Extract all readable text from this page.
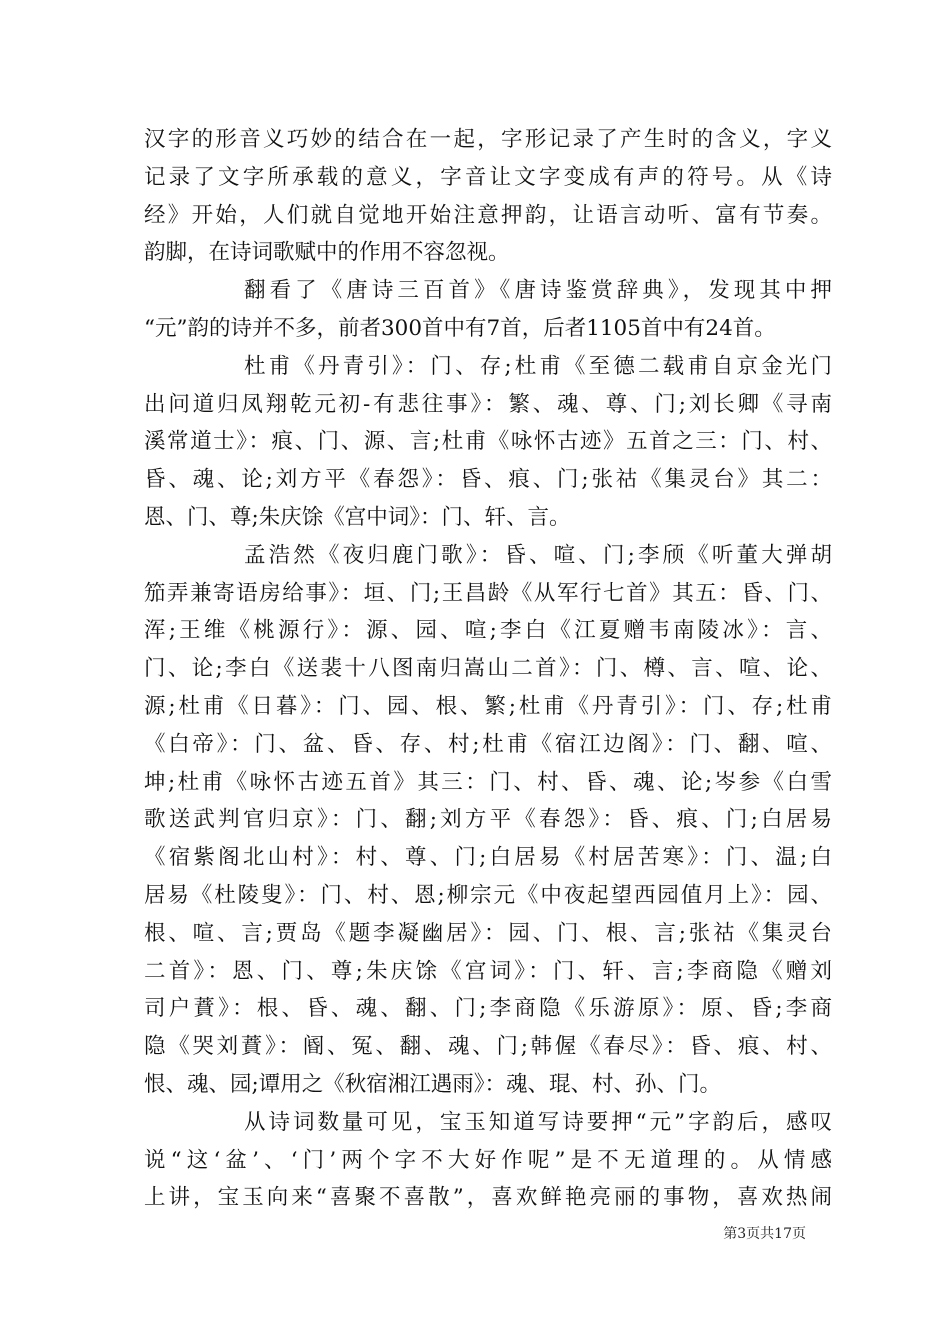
汉字的形音义巧妙的结合在一起，字形记录了产生时的含义，字义
记录了文字所承载的意义，字音让文字变成有声的符号。从《诗
经》开始，人们就自觉地开始注意押韵，让语言动听、富有节奏。
韵脚，在诗词歌赋中的作用不容忽视。
翻看了《唐诗三百首》《唐诗鉴赏辞典》，发现其中押
“元”韵的诗并不多，前者300首中有7首，后者1105首中有24首。
杜甫《丹青引》：门、存;杜甫《至德二载甫自京金光门
出问道归凤翔乾元初-有悲往事》：繁、魂、尊、门;刘长卿《寻南
溪常道士》：痕、门、源、言;杜甫《咏怀古迹》五首之三：门、村、
昏、魂、论;刘方平《春怨》：昏、痕、门;张祜《集灵台》其二：
恩、门、尊;朱庆馀《宫中词》：门、轩、言。
孟浩然《夜归鹿门歌》：昏、喧、门;李颀《听董大弹胡
笳弄兼寄语房给事》：垣、门;王昌龄《从军行七首》其五：昏、门、
浑;王维《桃源行》：源、园、喧;李白《江夏赠韦南陵冰》：言、
门、论;李白《送裴十八图南归嵩山二首》：门、樽、言、喧、论、
源;杜甫《日暮》：门、园、根、繁;杜甫《丹青引》：门、存;杜甫
《白帝》：门、盆、昏、存、村;杜甫《宿江边阁》：门、翻、喧、
坤;杜甫《咏怀古迹五首》其三：门、村、昏、魂、论;岑参《白雪
歌送武判官归京》：门、翻;刘方平《春怨》：昏、痕、门;白居易
《宿紫阁北山村》：村、尊、门;白居易《村居苦寒》：门、温;白
居易《杜陵叟》：门、村、恩;柳宗元《中夜起望西园值月上》：园、
根、喧、言;贾岛《题李凝幽居》：园、门、根、言;张祜《集灵台
二首》：恩、门、尊;朱庆馀《宫词》：门、轩、言;李商隐《赠刘
司户蕡》：根、昏、魂、翻、门;李商隐《乐游原》：原、昏;李商
隐《哭刘蕡》：阍、冤、翻、魂、门;韩偓《春尽》：昏、痕、村、
恨、魂、园;谭用之《秋宿湘江遇雨》：魂、琨、村、孙、门。
从诗词数量可见，宝玉知道写诗要押“元”字韵后，感叹
说“这‘盆’、‘门’两个字不大好作呢”是不无道理的。从情感
上讲，宝玉向来“喜聚不喜散”，喜欢鲜艳亮丽的事物，喜欢热闹
第3页共17页
